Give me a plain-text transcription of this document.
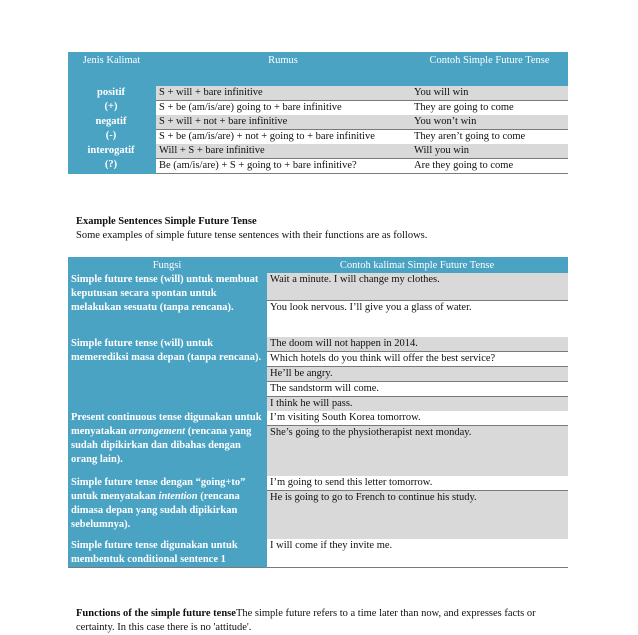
Jenis Kalimat	Rumus	Contoh Simple Future Tense

positif
(+)	S + will + bare infinitive	You will win
	S + be (am/is/are) going to + bare infinitive	They are going to come

negatif
(-)	S + will + not + bare infinitive	You won’t win
	S + be (am/is/are) + not + going to + bare infinitive	They aren’t going to come

interogatif
(?)	Will + S + bare infinitive	Will you win
	Be (am/is/are) + S + going to + bare infinitive?	Are they going to come
Example Sentences Simple Future Tense
Some examples of simple future tense sentences with their functions are as follows.
Fungsi	Contoh kalimat Simple Future Tense
Simple future tense (will) untuk membuat keputusan secara spontan untuk melakukan sesuatu (tanpa rencana).	Wait a minute. I will change my clothes.
	You look nervous. I’ll give you a glass of water.
Simple future tense (will) untuk memerediksi masa depan (tanpa rencana).	The doom will not happen in 2014.
	Which hotels do you think will offer the best service?
	He’ll be angry.
	The sandstorm will come.
	I think he will pass.
Present continuous tense digunakan untuk menyatakan arrangement (rencana yang sudah dipikirkan dan dibahas dengan orang lain).	I’m visiting South Korea tomorrow.
	She’s going to the physiotherapist next monday.
Simple future tense dengan “going+to” untuk menyatakan intention (rencana dimasa depan yang sudah dipikirkan sebelumnya).	I’m going to send this letter tomorrow.
	He is going to go to French to continue his study.
Simple future tense digunakan untuk membentuk conditional sentence 1	I will come if they invite me.
Functions of the simple future tenseThe simple future refers to a time later than now, and expresses facts or certainty. In this case there is no 'attitude'.
